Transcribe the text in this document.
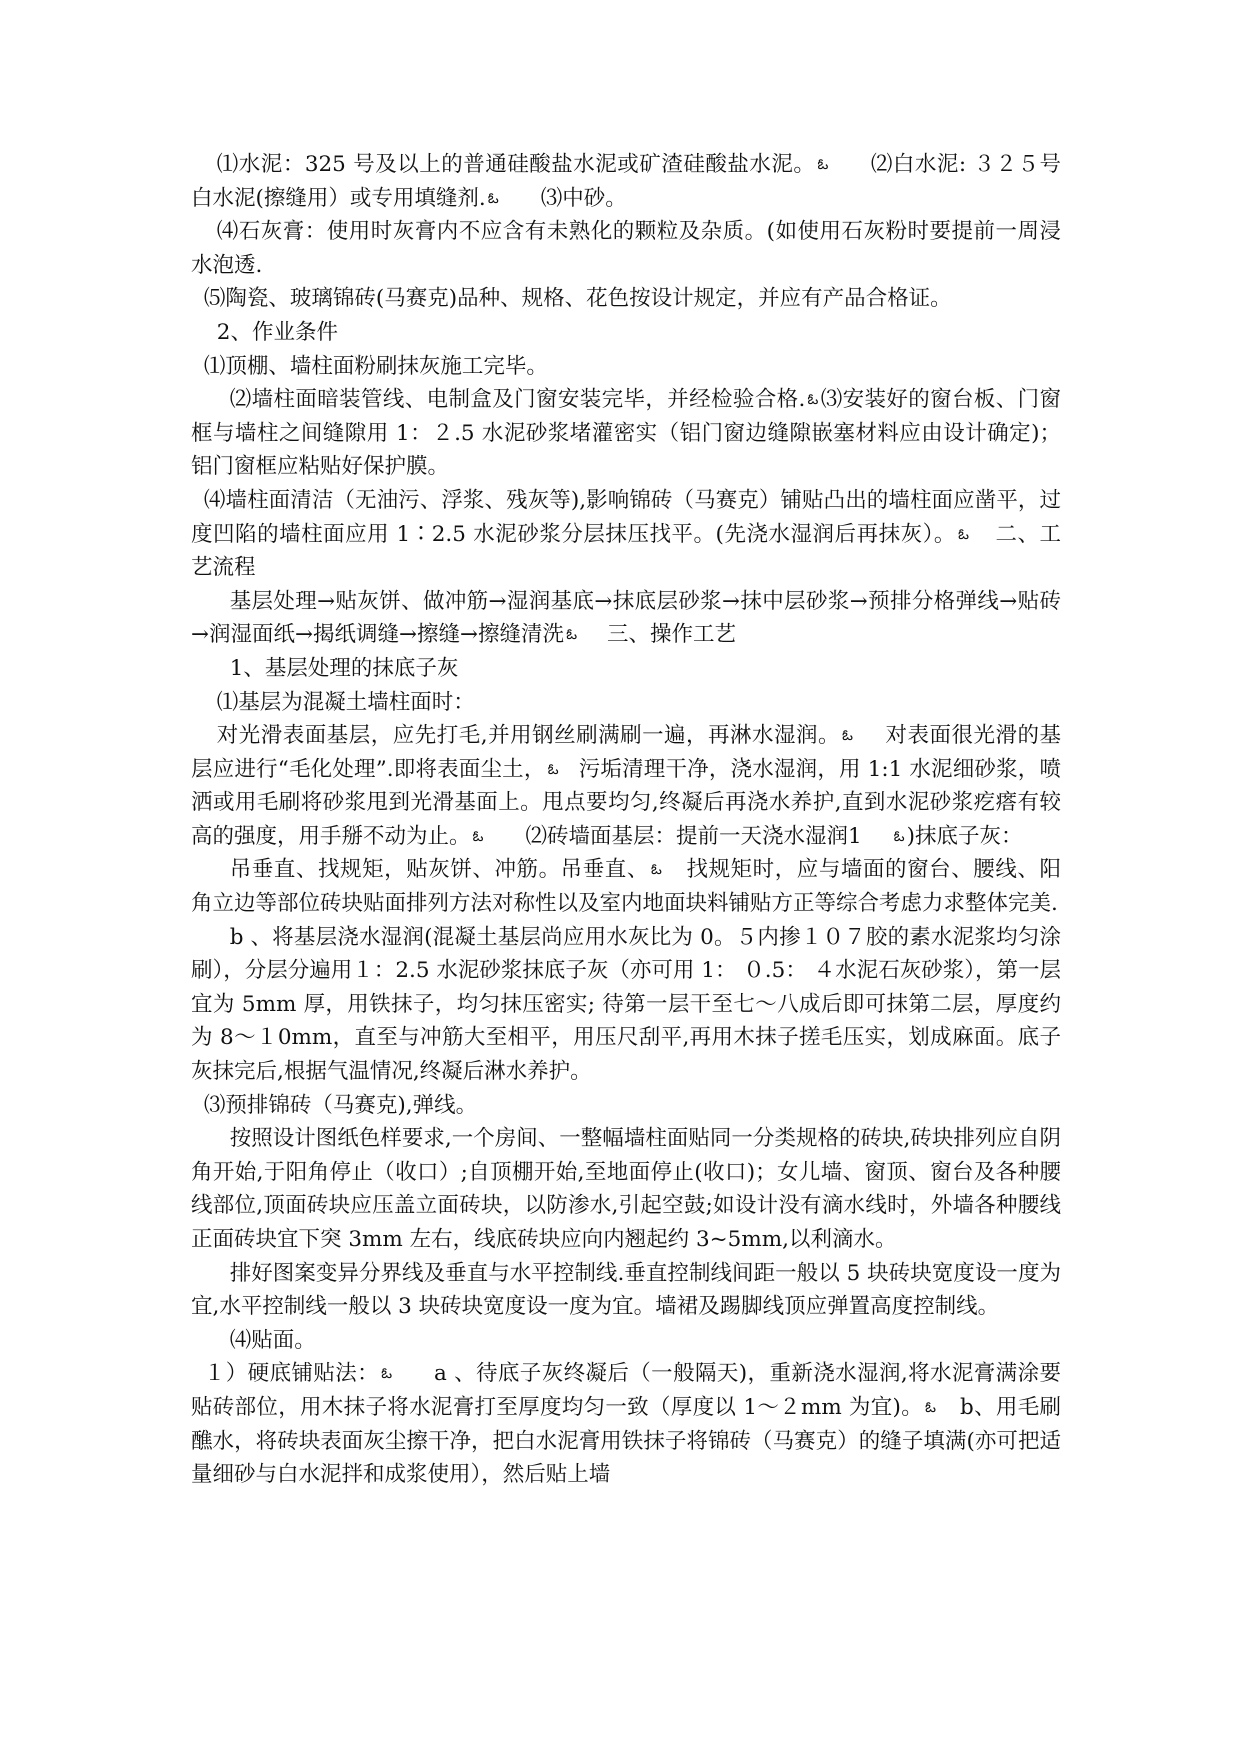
⑴水泥：325 号及以上的普通硅酸盐水泥或矿渣硅酸盐水泥。 ఓ ⑵白水泥: ３２５号白水泥(擦缝用）或专用填缝剂. ఓ ⑶中砂。

⑷石灰膏：使用时灰膏内不应含有未熟化的颗粒及杂质。(如使用石灰粉时要提前一周浸水泡透.

⑸陶瓷、玻璃锦砖(马赛克)品种、规格、花色按设计规定，并应有产品合格证。

2、作业条件

⑴顶棚、墙柱面粉刷抹灰施工完毕。

⑵墙柱面暗装管线、电制盒及门窗安装完毕，并经检验合格. ఓ⑶安装好的窗台板、门窗框与墙柱之间缝隙用 1：２.5 水泥砂浆堵灌密实（铝门窗边缝隙嵌塞材料应由设计确定)；铝门窗框应粘贴好保护膜。

⑷墙柱面清洁（无油污、浮浆、残灰等),影响锦砖（马赛克）铺贴凸出的墙柱面应凿平，过度凹陷的墙柱面应用 1∶2.5 水泥砂浆分层抹压找平。(先浇水湿润后再抹灰）。 ఓ 二、工艺流程

基层处理→贴灰饼、做冲筋→湿润基底→抹底层砂浆→抹中层砂浆→预排分格弹线→贴砖→润湿面纸→揭纸调缝→擦缝→擦缝清洗 ఓ 三、操作工艺

1、基层处理的抹底子灰

⑴基层为混凝土墙柱面时：

对光滑表面基层，应先打毛,并用钢丝刷满刷一遍，再淋水湿润。 ఓ 对表面很光滑的基层应进行“毛化处理”.即将表面尘土， ఓ 污垢清理干净，浇水湿润，用 1:1 水泥细砂浆，喷洒或用毛刷将砂浆甩到光滑基面上。甩点要均匀,终凝后再浇水养护,直到水泥砂浆疙瘩有较高的强度，用手掰不动为止。 ఓ ⑵砖墙面基层：提前一天浇水湿润1 ఓ)抹底子灰：

吊垂直、找规矩，贴灰饼、冲筋。吊垂直、 ఓ 找规矩时，应与墙面的窗台、腰线、阳角立边等部位砖块贴面排列方法对称性以及室内地面块料铺贴方正等综合考虑力求整体完美.

b 、将基层浇水湿润(混凝土基层尚应用水灰比为 0。５内掺１０７胶的素水泥浆均匀涂刷），分层分遍用１：2.5 水泥砂浆抹底子灰（亦可用 1： ０.5： ４水泥石灰砂浆），第一层宜为 5mm 厚，用铁抹子，均匀抹压密实; 待第一层干至七～八成后即可抹第二层，厚度约为 8～１0mm，直至与冲筋大至相平，用压尺刮平,再用木抹子搓毛压实，划成麻面。底子灰抹完后,根据气温情况,终凝后淋水养护。

⑶预排锦砖（马赛克),弹线。

按照设计图纸色样要求,一个房间、一整幅墙柱面贴同一分类规格的砖块,砖块排列应自阴角开始,于阳角停止（收口）;自顶棚开始,至地面停止(收口)；女儿墙、窗顶、窗台及各种腰线部位,顶面砖块应压盖立面砖块，以防渗水,引起空鼓;如设计没有滴水线时，外墙各种腰线正面砖块宜下突 3mm 左右，线底砖块应向内翘起约 3~5mm,以利滴水。

排好图案变异分界线及垂直与水平控制线.垂直控制线间距一般以 5 块砖块宽度设一度为宜,水平控制线一般以 3 块砖块宽度设一度为宜。墙裙及踢脚线顶应弹置高度控制线。

⑷贴面。

１）硬底铺贴法： ఓ a 、待底子灰终凝后（一般隔天)，重新浇水湿润,将水泥膏满涂要贴砖部位，用木抹子将水泥膏打至厚度均匀一致（厚度以 1～２mm 为宜)。 ఓ b、用毛刷醮水，将砖块表面灰尘擦干净，把白水泥膏用铁抹子将锦砖（马赛克）的缝子填满(亦可把适量细砂与白水泥拌和成浆使用），然后贴上墙
